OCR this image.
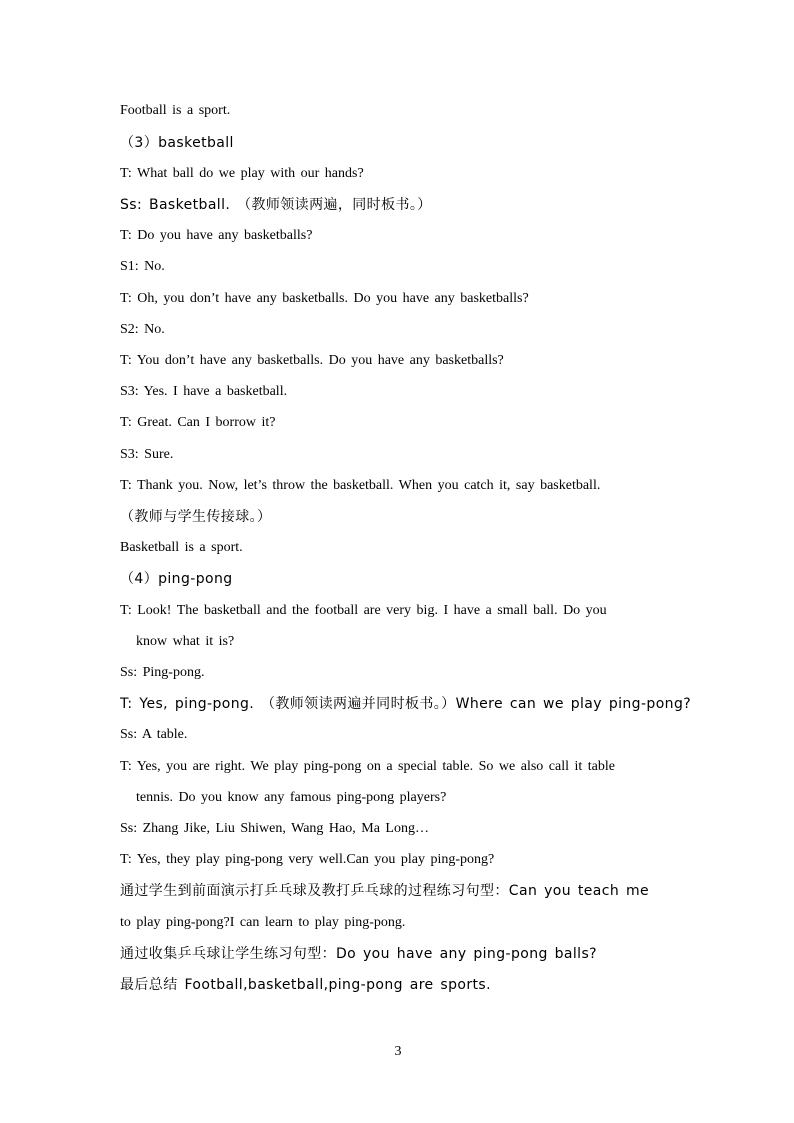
Football is a sport.
（3）basketball
T: What ball do we play with our hands?
Ss: Basketball. （教师领读两遍，同时板书。）
T: Do you have any basketballs?
S1: No.
T: Oh, you don’t have any basketballs. Do you have any basketballs?
S2: No.
T: You don’t have any basketballs. Do you have any basketballs?
S3: Yes. I have a basketball.
T: Great. Can I borrow it?
S3: Sure.
T: Thank you. Now, let’s throw the basketball. When you catch it, say basketball.
（教师与学生传接球。）
Basketball is a sport.
（4）ping-pong
T: Look! The basketball and the football are very big. I have a small ball. Do you
know what it is?
Ss: Ping-pong.
T: Yes, ping-pong. （教师领读两遍并同时板书。）Where can we play ping-pong?
Ss: A table.
T: Yes, you are right. We play ping-pong on a special table. So we also call it table
tennis. Do you know any famous ping-pong players?
Ss: Zhang Jike, Liu Shiwen, Wang Hao, Ma Long…
T: Yes, they play ping-pong very well.Can you play ping-pong?
通过学生到前面演示打乒乓球及教打乒乓球的过程练习句型：Can you teach me
to play ping-pong?I can learn to play ping-pong.
通过收集乒乓球让学生练习句型：Do you have any ping-pong balls?
最后总结 Football,basketball,ping-pong are sports.
3
